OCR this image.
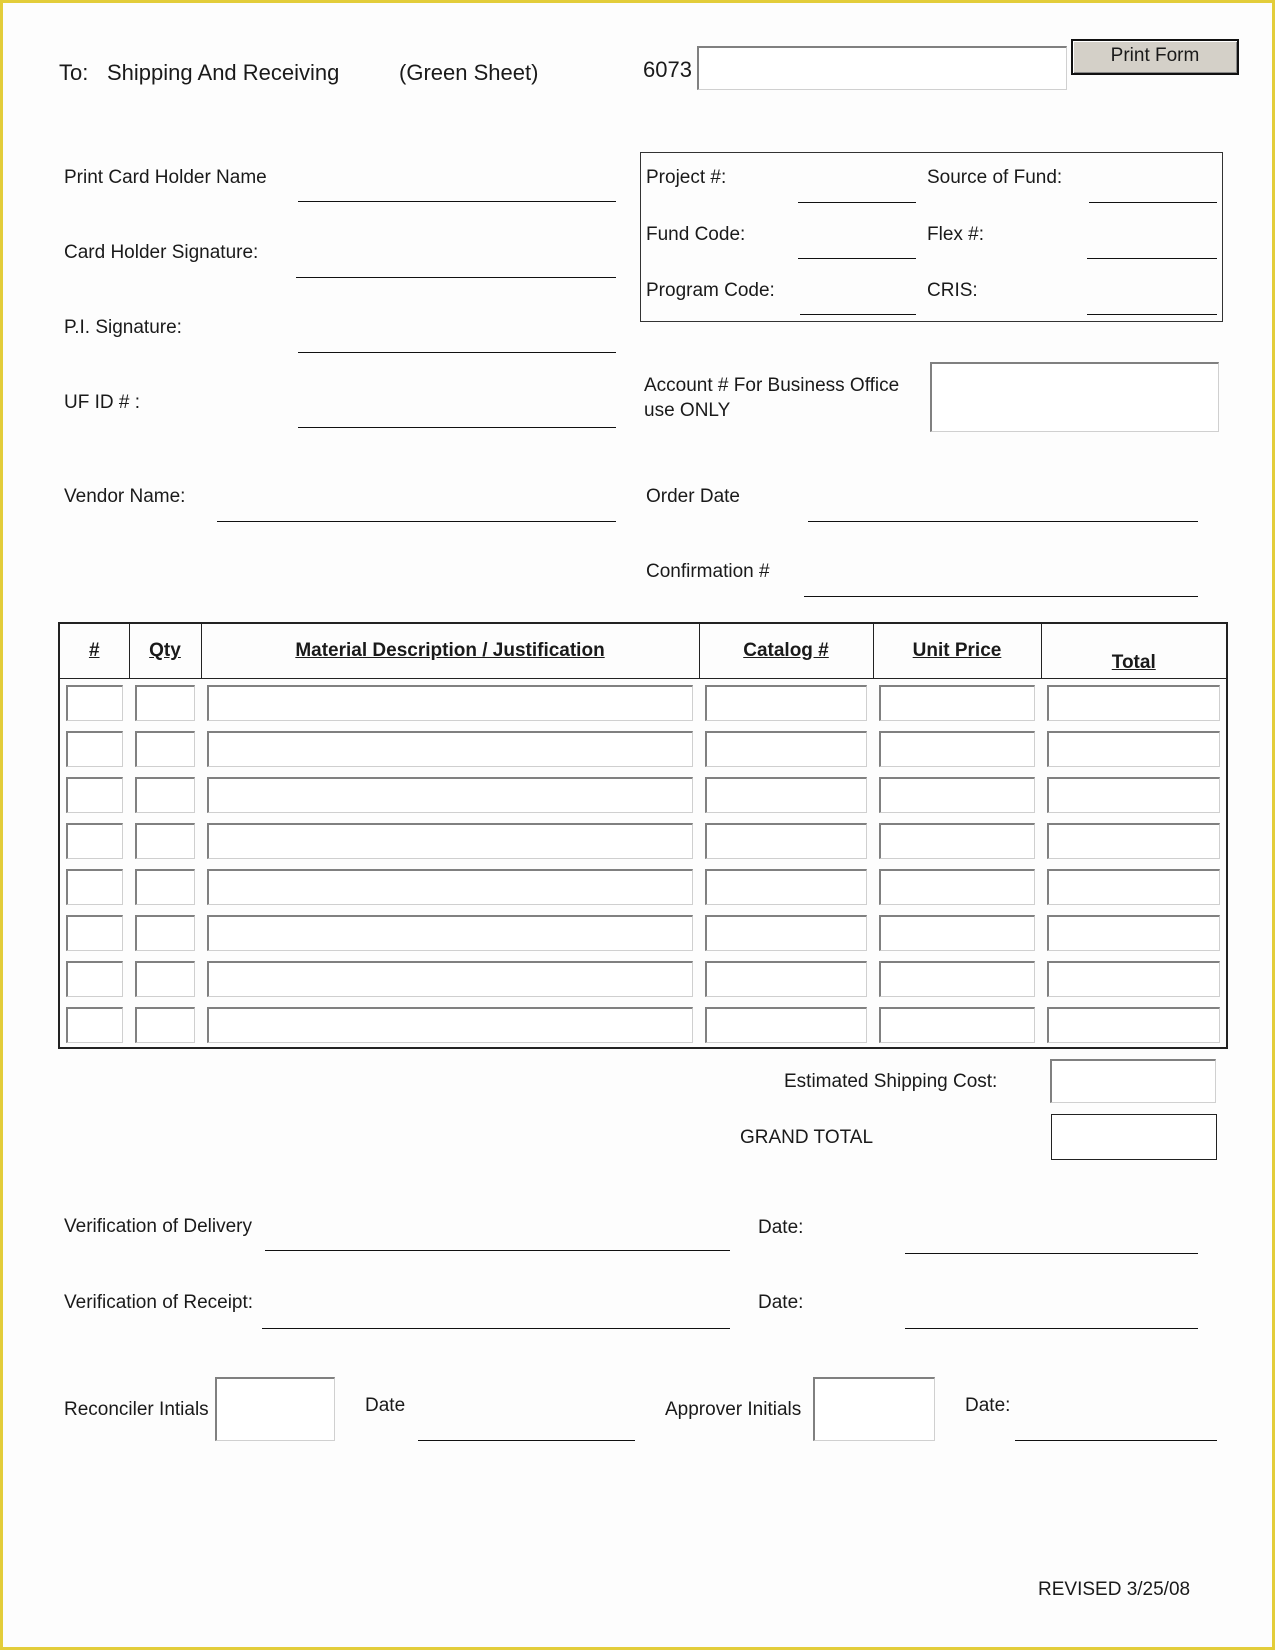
To: Shipping And Receiving	(Green Sheet)	6073
Print Form
Print Card Holder Name
Card Holder Signature:
P.I. Signature:
UF ID # :
Vendor Name:
Project #:	Source of Fund:
Fund Code:	Flex #:
Program Code:	CRIS:
Account # For Business Office
use ONLY
Order Date
Confirmation #
#	Qty	Material Description / Justification	Catalog #	Unit Price	Total

Estimated Shipping Cost:
GRAND TOTAL
Verification of Delivery	Date:
Verification of Receipt:	Date:
Reconciler Intials	Date	Approver Initials	Date:
REVISED 3/25/08
